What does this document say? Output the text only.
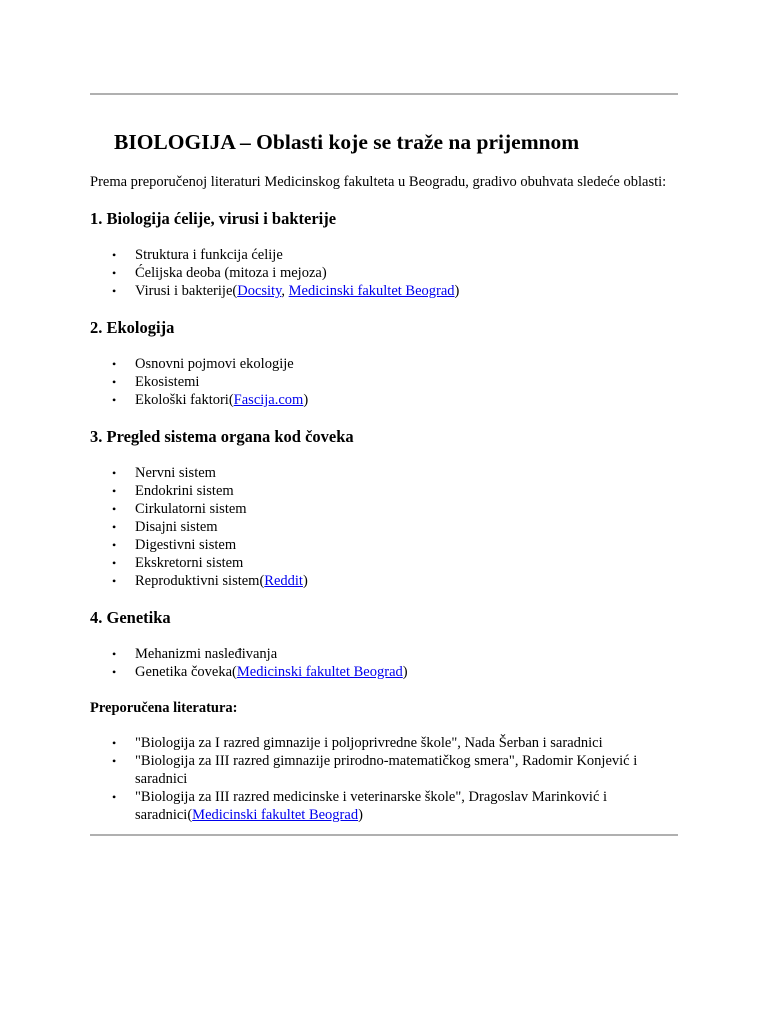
BIOLOGIJA – Oblasti koje se traže na prijemnom

Prema preporučenoj literaturi Medicinskog fakulteta u Beogradu, gradivo obuhvata sledeće oblasti:

1. Biologija ćelije, virusi i bakterije
• Struktura i funkcija ćelije
• Ćelijska deoba (mitoza i mejoza)
• Virusi i bakterije(Docsity, Medicinski fakultet Beograd)
2. Ekologija
• Osnovni pojmovi ekologije
• Ekosistemi
• Ekološki faktori(Fascija.com)
3. Pregled sistema organa kod čoveka
• Nervni sistem
• Endokrini sistem
• Cirkulatorni sistem
• Disajni sistem
• Digestivni sistem
• Ekskretorni sistem
• Reproduktivni sistem(Reddit)
4. Genetika
• Mehanizmi nasleđivanja
• Genetika čoveka(Medicinski fakultet Beograd)
Preporučena literatura:
• "Biologija za I razred gimnazije i poljoprivredne škole", Nada Šerban i saradnici
• "Biologija za III razred gimnazije prirodno-matematičkog smera", Radomir Konjević i saradnici
• "Biologija za III razred medicinske i veterinarske škole", Dragoslav Marinković i saradnici(Medicinski fakultet Beograd)
